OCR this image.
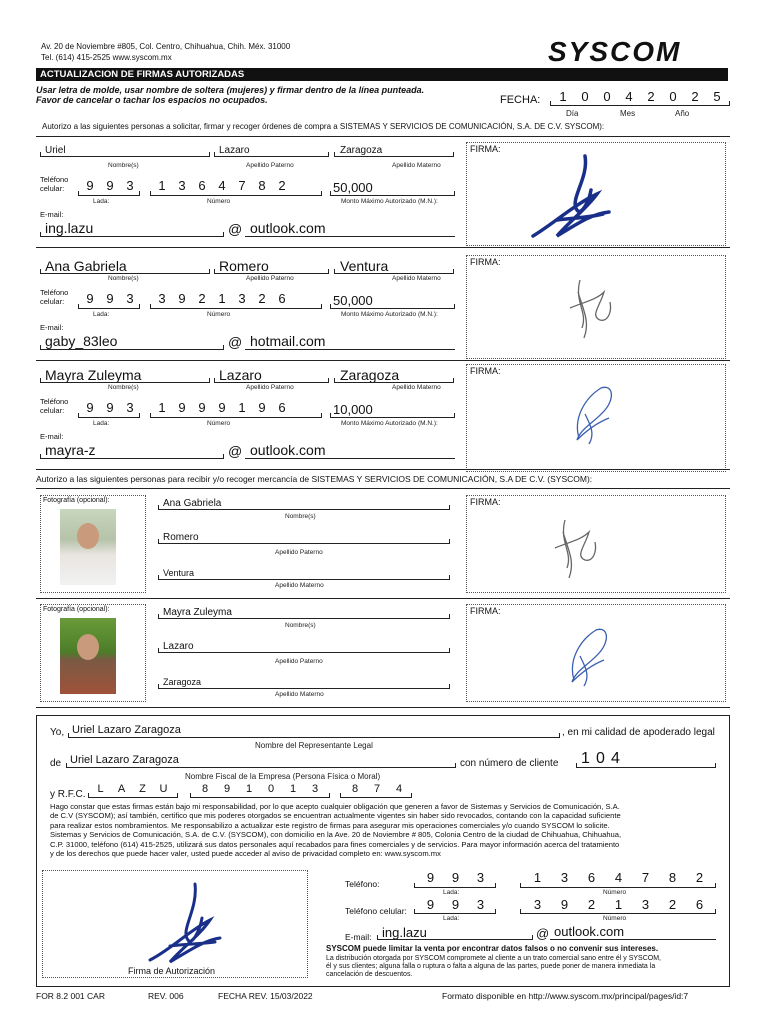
Av. 20 de Noviembre #805, Col. Centro, Chihuahua, Chih. Méx. 31000
Tel. (614) 415-2525 www.syscom.mx	SYSCOM
ACTUALIZACION DE FIRMAS AUTORIZADAS
Usar letra de molde, usar nombre de soltera (mujeres) y firmar dentro de la línea punteada.
Favor de cancelar o tachar los espacios no ocupados.	FECHA:	1	0	0	4	2	0	2	5
Día	Mes	Año
Autorizo a las siguientes personas a solicitar, firmar y recoger órdenes de compra a SISTEMAS Y SERVICIOS DE COMUNICACIÓN, S.A. DE C.V. SYSCOM):
Uriel	Lazaro	Zaragoza
Nombre(s)	Apellido Paterno	Apellido Materno
Teléfono
celular:	9 9 3	1 3 6 4 7 8 2	50,000
Lada:	Número	Monto Máximo Autorizado (M.N.):
E-mail:
ing.lazu	@ outlook.com
FIRMA:
Ana Gabriela	Romero	Ventura
Nombre(s)	Apellido Paterno	Apellido Materno
Teléfono
celular:	9 9 3	3 9 2 1 3 2 6	50,000
Lada:	Número	Monto Máximo Autorizado (M.N.):
E-mail:
gaby_83leo	@ hotmail.com
FIRMA:
Mayra Zuleyma	Lazaro	Zaragoza
Nombre(s)	Apellido Paterno	Apellido Materno
Teléfono
celular:	9 9 3	1 9 9 9 1 9 6	10,000
Lada:	Número	Monto Máximo Autorizado (M.N.):
E-mail:
mayra-z	@ outlook.com
FIRMA:
Autorizo a las siguientes personas para recibir y/o recoger mercancía de SISTEMAS Y SERVICIOS DE COMUNICACIÓN, S.A DE C.V. (SYSCOM):
Fotografía (opcional):	Ana Gabriela
Nombre(s)
Romero
Apellido Paterno
Ventura
Apellido Materno
FIRMA:
Fotografía (opcional):	Mayra Zuleyma
Nombre(s)
Lazaro
Apellido Paterno
Zaragoza
Apellido Materno
FIRMA:
Yo, Uriel Lazaro Zaragoza	, en mi calidad de apoderado legal
Nombre del Representante Legal
de Uriel Lazaro Zaragoza	con número de cliente 1 0 4
Nombre Fiscal de la Empresa (Persona Física o Moral)
y R.F.C.	L	A	Z	U	8	9	1	0	1	3	8	7	4
Hago constar que estas firmas están bajo mi responsabilidad, por lo que acepto cualquier obligación que generen a favor de Sistemas y Servicios de Comunicación, S.A.
de C.V (SYSCOM); así también, certifico que mis poderes otorgados se encuentran actualmente vigentes sin haber sido revocados, contando con la capacidad suficiente
para realizar estos nombramientos. Me responsabilizo a actualizar este registro de firmas para asegurar mis operaciones comerciales y/o cuando SYSCOM lo solicite.
Sistemas y Servicios de Comunicación, S.A. de C.V. (SYSCOM), con domicilio en la Ave. 20 de Noviembre # 805, Colonia Centro de la ciudad de Chihuahua, Chihuahua,
C.P. 31000, teléfono (614) 415-2525, utilizará sus datos personales aquí recabados para fines comerciales y de servicios. Para mayor información acerca del tratamiento
y de los derechos que puede hacer valer, usted puede acceder al aviso de privacidad completo en: www.syscom.mx
Firma de Autorización
Teléfono:	9	9	3	1	3	6	4	7	8	2
Lada:	Número
Teléfono celular:	9	9	3	3	9	2	1	3	2	6
Lada:	Número
E-mail: ing.lazu	@ outlook.com
SYSCOM puede limitar la venta por encontrar datos falsos o no convenir sus intereses.
La distribución otorgada por SYSCOM compromete al cliente a un trato comercial sano entre él y SYSCOM,
él y sus clientes; alguna falla o ruptura o falta a alguna de las partes, puede poner de manera inmediata la
cancelación de descuentos.
FOR 8.2 001 CAR	REV. 006	FECHA REV. 15/03/2022	Formato disponible en http://www.syscom.mx/principal/pages/id:7
